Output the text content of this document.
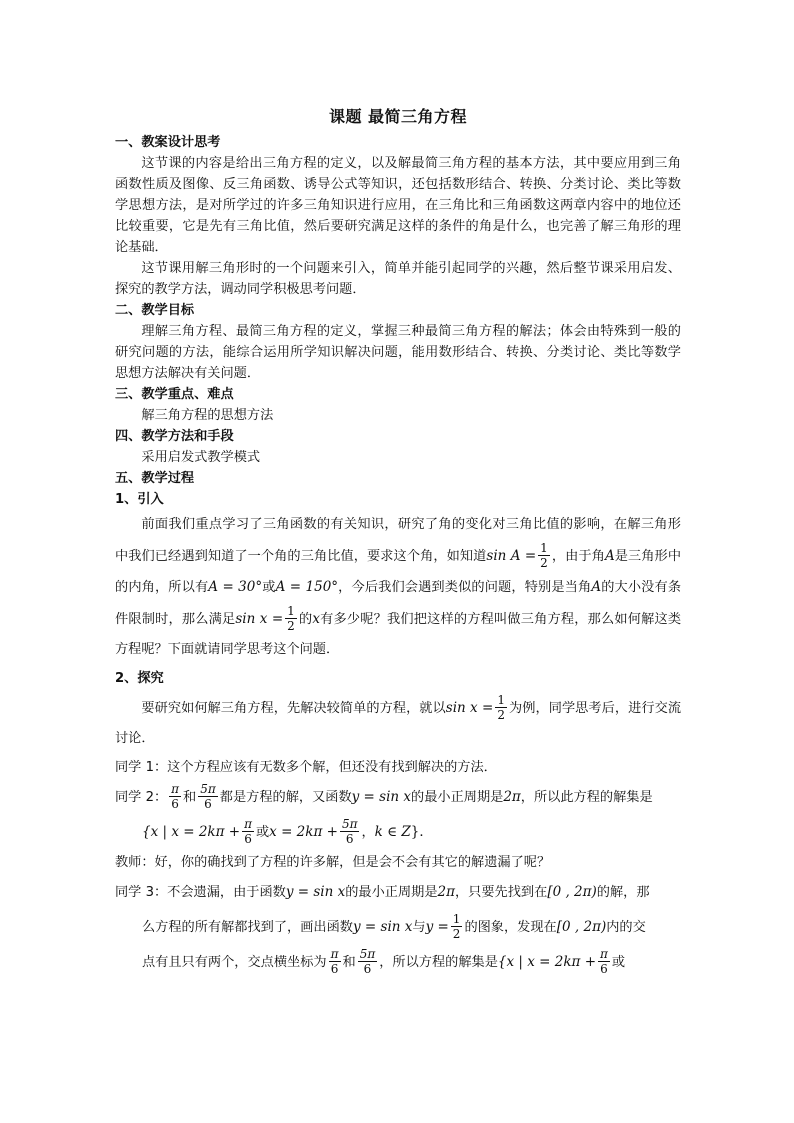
课题 最简三角方程

一、教案设计思考

这节课的内容是给出三角方程的定义，以及解最简三角方程的基本方法，其中要应用到三角函数性质及图像、反三角函数、诱导公式等知识，还包括数形结合、转换、分类讨论、类比等数学思想方法，是对所学过的许多三角知识进行应用，在三角比和三角函数这两章内容中的地位还比较重要，它是先有三角比值，然后要研究满足这样的条件的角是什么，也完善了解三角形的理论基础．

这节课用解三角形时的一个问题来引入，简单并能引起同学的兴趣，然后整节课采用启发、探究的教学方法，调动同学积极思考问题．

二、教学目标

理解三角方程、最简三角方程的定义，掌握三种最简三角方程的解法；体会由特殊到一般的研究问题的方法，能综合运用所学知识解决问题，能用数形结合、转换、分类讨论、类比等数学思想方法解决有关问题．

三、教学重点、难点

解三角方程的思想方法

四、教学方法和手段

采用启发式教学模式

五、教学过程

1、引入

前面我们重点学习了三角函数的有关知识，研究了角的变化对三角比值的影响，在解三角形中我们已经遇到知道了一个角的三角比值，要求这个角，如知道$\sin A = \frac{1}{2}$ ，由于角A是三角形中的内角，所以有A = 30°或A = 150°，今后我们会遇到类似的问题，特别是当角A的大小没有条件限制时，那么满足$\sin x = \frac{1}{2}$ 的x有多少呢？我们把这样的方程叫做三角方程，那么如何解这类方程呢？下面就请同学思考这个问题．

2、探究

要研究如何解三角方程，先解决较简单的方程，就以$\sin x = \frac{1}{2}$ 为例，同学思考后，进行交流讨论．

同学 1：这个方程应该有无数多个解，但还没有找到解决的方法．

同学 2： $\frac{\pi}{6}$ 和 $\frac{5\pi}{6}$ 都是方程的解，又函数y = sin x的最小正周期是2π，所以此方程的解集是

{x | $x = 2k\pi + \frac{\pi}{6}$ 或$x = 2k\pi + \frac{5\pi}{6}$ ，k ∈ Z}．

教师：好，你的确找到了方程的许多解，但是会不会有其它的解遗漏了呢？

同学 3：不会遗漏，由于函数y = sin x的最小正周期是2π，只要先找到在[0 , 2π)的解，那

么方程的所有解都找到了，画出函数y = sin x与$y = \frac{1}{2}$ 的图象，发现在[0 , 2π)内的交

点有且只有两个，交点横坐标为 $\frac{\pi}{6}$ 和 $\frac{5\pi}{6}$ ，所以方程的解集是{x | $x = 2k\pi + \frac{\pi}{6}$ 或
